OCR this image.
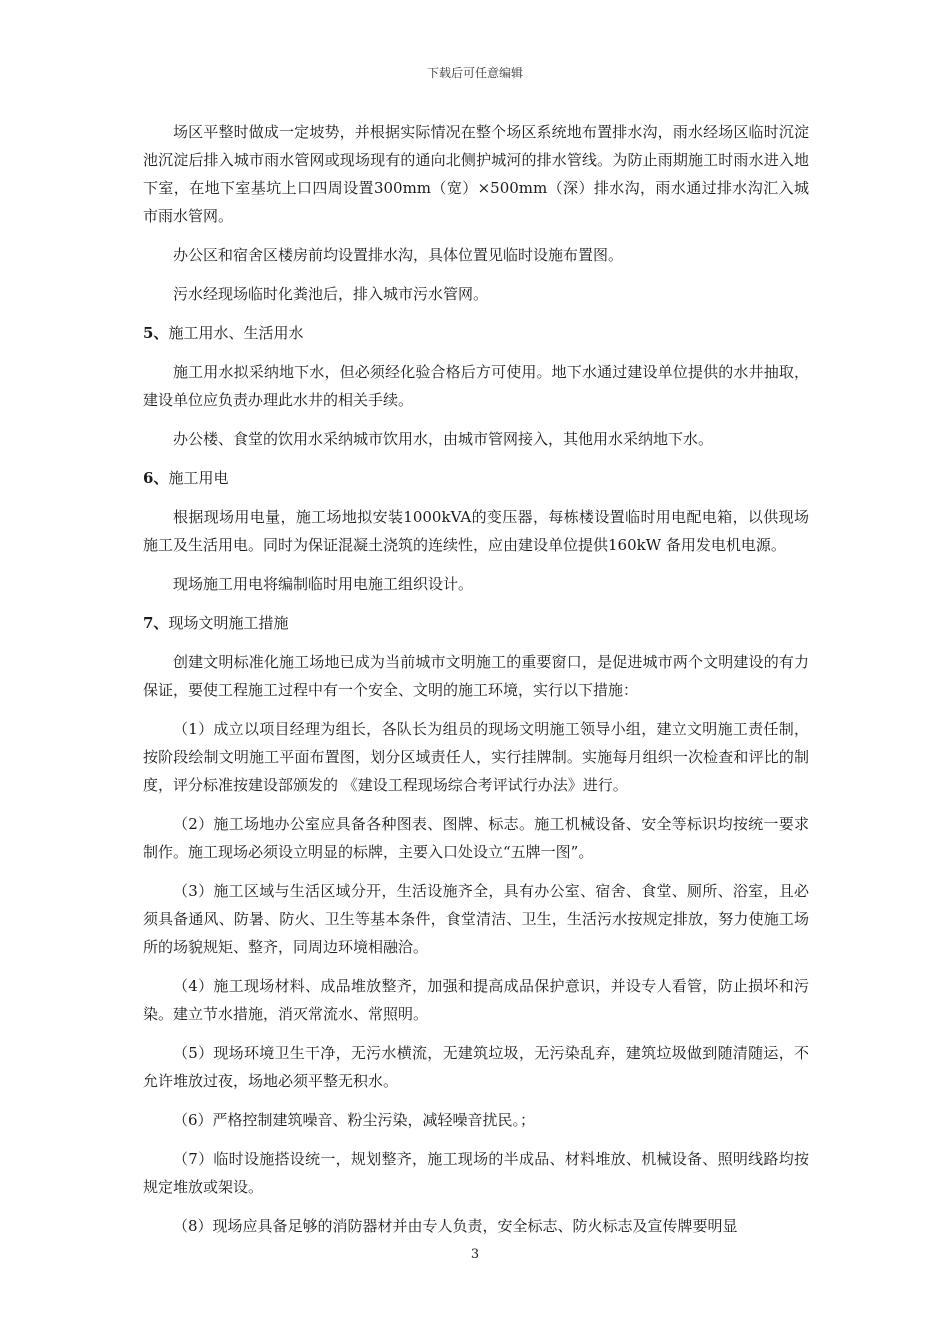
下载后可任意编辑

场区平整时做成一定坡势，并根据实际情况在整个场区系统地布置排水沟，雨水经场区临时沉淀池沉淀后排入城市雨水管网或现场现有的通向北侧护城河的排水管线。为防止雨期施工时雨水进入地下室，在地下室基坑上口四周设置300mm（宽）×500mm（深）排水沟，雨水通过排水沟汇入城市雨水管网。

办公区和宿舍区楼房前均设置排水沟，具体位置见临时设施布置图。

污水经现场临时化粪池后，排入城市污水管网。

5、施工用水、生活用水

施工用水拟采纳地下水，但必须经化验合格后方可使用。地下水通过建设单位提供的水井抽取，建设单位应负责办理此水井的相关手续。

办公楼、食堂的饮用水采纳城市饮用水，由城市管网接入，其他用水采纳地下水。

6、施工用电

根据现场用电量，施工场地拟安装1000kVA的变压器，每栋楼设置临时用电配电箱，以供现场施工及生活用电。同时为保证混凝土浇筑的连续性，应由建设单位提供160kW 备用发电机电源。

现场施工用电将编制临时用电施工组织设计。

7、现场文明施工措施

创建文明标准化施工场地已成为当前城市文明施工的重要窗口，是促进城市两个文明建设的有力保证，要使工程施工过程中有一个安全、文明的施工环境，实行以下措施：

（1）成立以项目经理为组长，各队长为组员的现场文明施工领导小组，建立文明施工责任制，按阶段绘制文明施工平面布置图，划分区域责任人，实行挂牌制。实施每月组织一次检查和评比的制度，评分标准按建设部颁发的 《建设工程现场综合考评试行办法》进行。

（2）施工场地办公室应具备各种图表、图牌、标志。施工机械设备、安全等标识均按统一要求制作。施工现场必须设立明显的标牌，主要入口处设立“五牌一图”。

（3）施工区域与生活区域分开，生活设施齐全，具有办公室、宿舍、食堂、厕所、浴室，且必须具备通风、防暑、防火、卫生等基本条件，食堂清洁、卫生，生活污水按规定排放，努力使施工场所的场貌规矩、整齐，同周边环境相融洽。

（4）施工现场材料、成品堆放整齐，加强和提高成品保护意识，并设专人看管，防止损坏和污染。建立节水措施，消灭常流水、常照明。

（5）现场环境卫生干净，无污水横流，无建筑垃圾，无污染乱弃，建筑垃圾做到随清随运，不允许堆放过夜，场地必须平整无积水。

（6）严格控制建筑噪音、粉尘污染，减轻噪音扰民。；

（7）临时设施搭设统一，规划整齐，施工现场的半成品、材料堆放、机械设备、照明线路均按规定堆放或架设。

（8）现场应具备足够的消防器材并由专人负责，安全标志、防火标志及宣传牌要明显

3
